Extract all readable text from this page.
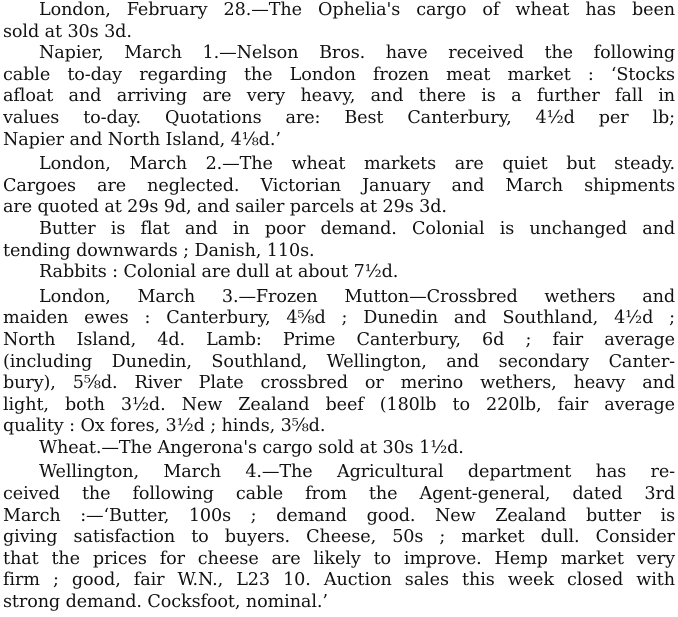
London, February 28.—The Ophelia's cargo of wheat has been
sold at 30s 3d.
Napier, March 1.—Nelson Bros. have received the following
cable to-day regarding the London frozen meat market : ‘Stocks
afloat and arriving are very heavy, and there is a further fall in
values to-day. Quotations are: Best Canterbury, 4½d per lb;
Napier and North Island, 4⅛d.’
London, March 2.—The wheat markets are quiet but steady.
Cargoes are neglected. Victorian January and March shipments
are quoted at 29s 9d, and sailer parcels at 29s 3d.
Butter is flat and in poor demand. Colonial is unchanged and
tending downwards ; Danish, 110s.
Rabbits : Colonial are dull at about 7½d.
London, March 3.—Frozen Mutton—Crossbred wethers and
maiden ewes : Canterbury, 4⅝d ; Dunedin and Southland, 4½d ;
North Island, 4d. Lamb: Prime Canterbury, 6d ; fair average
(including Dunedin, Southland, Wellington, and secondary Canter-
bury), 5⅝d. River Plate crossbred or merino wethers, heavy and
light, both 3½d. New Zealand beef (180lb to 220lb, fair average
quality : Ox fores, 3½d ; hinds, 3⅝d.
Wheat.—The Angerona's cargo sold at 30s 1½d.
Wellington, March 4.—The Agricultural department has re-
ceived the following cable from the Agent-general, dated 3rd
March :—‘Butter, 100s ; demand good. New Zealand butter is
giving satisfaction to buyers. Cheese, 50s ; market dull. Consider
that the prices for cheese are likely to improve. Hemp market very
firm ; good, fair W.N., L23 10. Auction sales this week closed with
strong demand. Cocksfoot, nominal.’
